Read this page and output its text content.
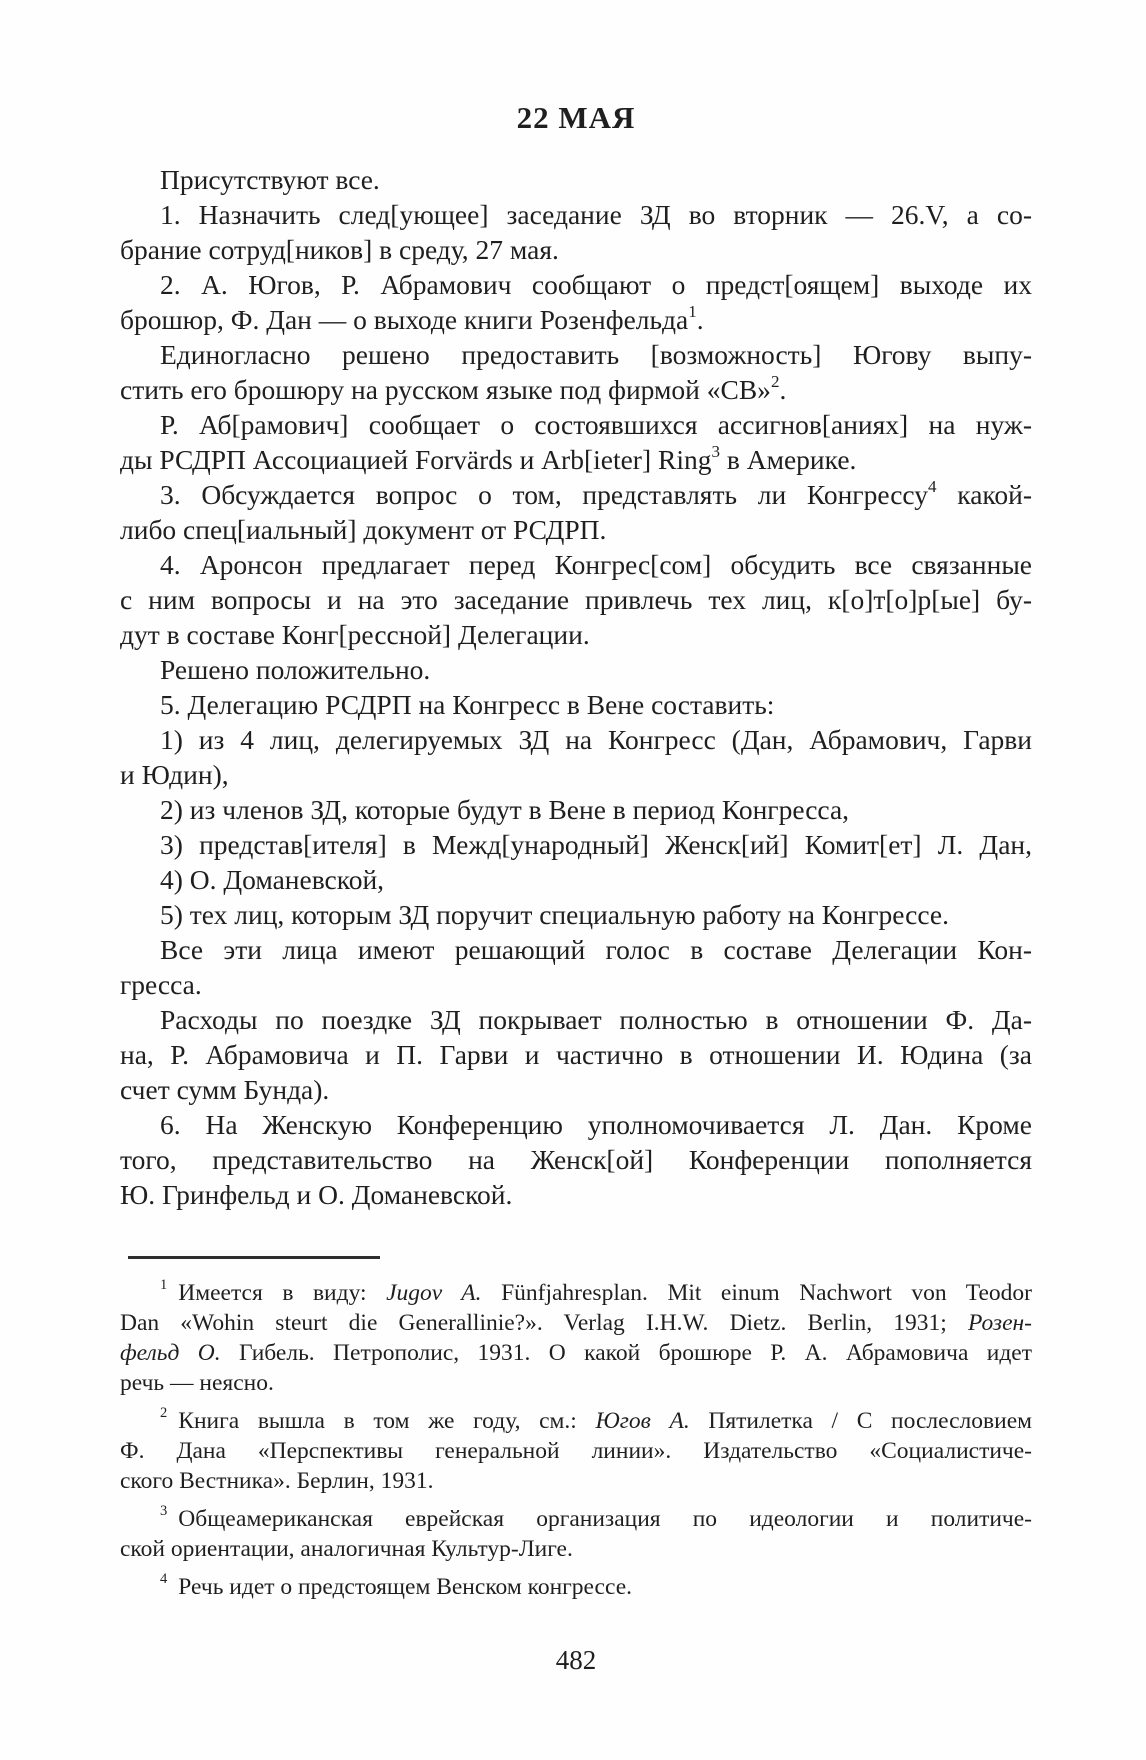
22 МАЯ
Присутствуют все.
1. Назначить след[ующее] заседание ЗД во вторник — 26.V, а со-
брание сотруд[ников] в среду, 27 мая.
2. А. Югов, Р. Абрамович сообщают о предст[оящем] выходе их
брошюр, Ф. Дан — о выходе книги Розенфельда$^1$.
Единогласно решено предоставить [возможность] Югову выпу-
стить его брошюру на русском языке под фирмой «СВ»$^2$.
Р. Аб[рамович] сообщает о состоявшихся ассигнов[аниях] на нуж-
ды РСДРП Ассоциацией Forvärds и Arb[ieter] Ring$^3$ в Америке.
3. Обсуждается вопрос о том, представлять ли Конгрессу$^4$ какой-
либо спец[иальный] документ от РСДРП.
4. Аронсон предлагает перед Конгрес[сом] обсудить все связанные
с ним вопросы и на это заседание привлечь тех лиц, к[о]т[о]р[ые] бу-
дут в составе Конг[рессной] Делегации.
Решено положительно.
5. Делегацию РСДРП на Конгресс в Вене составить:
1) из 4 лиц, делегируемых ЗД на Конгресс (Дан, Абрамович, Гарви
и Юдин),
2) из членов ЗД, которые будут в Вене в период Конгресса,
3) представ[ителя] в Межд[ународный] Женск[ий] Комит[ет] Л. Дан,
4) О. Доманевской,
5) тех лиц, которым ЗД поручит специальную работу на Конгрессе.
Все эти лица имеют решающий голос в составе Делегации Кон-
гресса.
Расходы по поездке ЗД покрывает полностью в отношении Ф. Да-
на, Р. Абрамовича и П. Гарви и частично в отношении И. Юдина (за
счет сумм Бунда).
6. На Женскую Конференцию уполномочивается Л. Дан. Кроме
того, представительство на Женск[ой] Конференции пополняется
Ю. Гринфельд и О. Доманевской.
$^1$ Имеется в виду: Jugov A. Fünfjahresplan. Mit einum Nachwort von Teodor
Dan «Wohin steurt die Generallinie?». Verlag I.H.W. Dietz. Berlin, 1931; Розен-
фельд О. Гибель. Петрополис, 1931. О какой брошюре Р. А. Абрамовича идет
речь — неясно.
$^2$ Книга вышла в том же году, см.: Югов А. Пятилетка / С послесловием
Ф. Дана «Перспективы генеральной линии». Издательство «Социалистиче-
ского Вестника». Берлин, 1931.
$^3$ Общеамериканская еврейская организация по идеологии и политиче-
ской ориентации, аналогичная Культур-Лиге.
$^4$ Речь идет о предстоящем Венском конгрессе.
482
